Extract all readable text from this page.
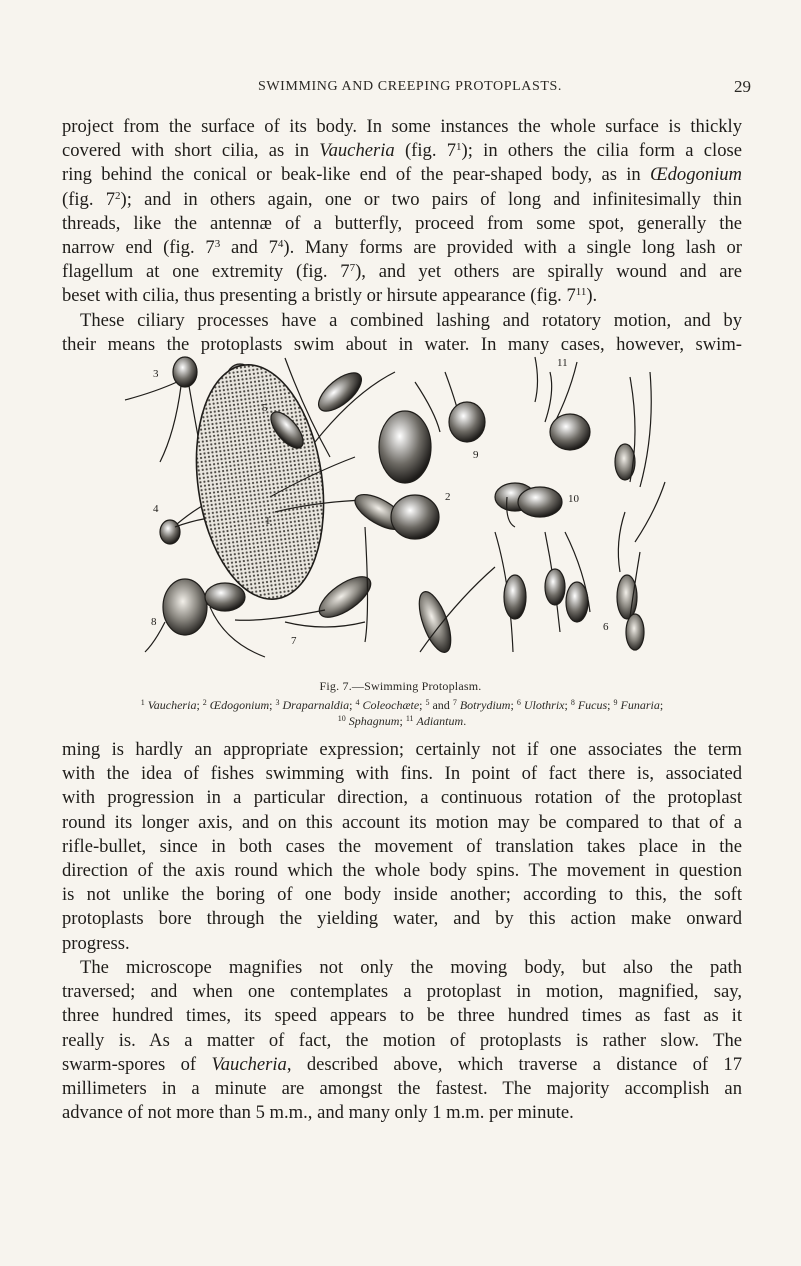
SWIMMING AND CREEPING PROTOPLASTS.	29
project from the surface of its body. In some instances the whole surface is thickly
covered with short cilia, as in Vaucheria (fig. $7^1$); in others the cilia form a close
ring behind the conical or beak-like end of the pear-shaped body, as in Œdogonium
(fig. $7^2$); and in others again, one or two pairs of long and infinitesimally thin
threads, like the antennæ of a butterfly, proceed from some spot, generally the
narrow end (fig. $7^3$ and $7^4$). Many forms are provided with a single long lash or
flagellum at one extremity (fig. $7^7$), and yet others are spirally wound and are
beset with cilia, thus presenting a bristly or hirsute appearance (fig. $7^{11}$).
These ciliary processes have a combined lashing and rotatory motion, and by
their means the protoplasts swim about in water. In many cases, however, swim-
3
5
11
9
4
1
2	10
7
8	6
Fig. 7.—Swimming Protoplasm.
$^1$ Vaucheria; $^2$ Œdogonium; $^3$ Draparnaldia; $^4$ Coleochæte; $^5$ and $^7$ Botrydium; $^6$ Ulothrix; $^8$ Fucus; $^9$ Funaria;
$^{10}$ Sphagnum; $^{11}$ Adiantum.
ming is hardly an appropriate expression; certainly not if one associates the term
with the idea of fishes swimming with fins. In point of fact there is, associated
with progression in a particular direction, a continuous rotation of the protoplast
round its longer axis, and on this account its motion may be compared to that of a
rifle-bullet, since in both cases the movement of translation takes place in the
direction of the axis round which the whole body spins. The movement in question
is not unlike the boring of one body inside another; according to this, the soft
protoplasts bore through the yielding water, and by this action make onward
progress.
The microscope magnifies not only the moving body, but also the path
traversed; and when one contemplates a protoplast in motion, magnified, say,
three hundred times, its speed appears to be three hundred times as fast as it
really is. As a matter of fact, the motion of protoplasts is rather slow. The
swarm-spores of Vaucheria, described above, which traverse a distance of 17
millimeters in a minute are amongst the fastest. The majority accomplish an
advance of not more than 5 m.m., and many only 1 m.m. per minute.
